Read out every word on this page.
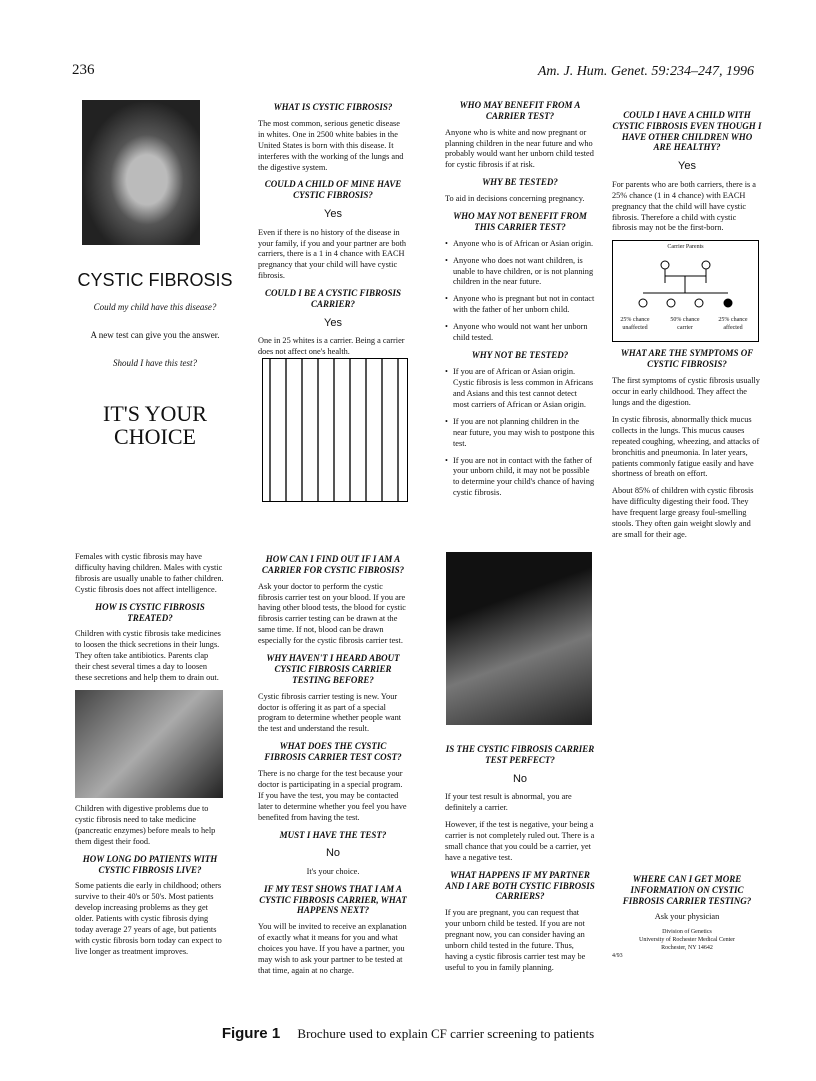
236	Am. J. Hum. Genet. 59:234–247, 1996
CYSTIC FIBROSIS
Could my child have this disease?
A new test can give you the answer.
Should I have this test?
IT'S YOUR
CHOICE
WHAT IS CYSTIC FIBROSIS?

The most common, serious genetic disease in whites. One in 2500 white babies in the United States is born with this disease. It interferes with the working of the lungs and the digestive system.

COULD A CHILD OF MINE HAVE CYSTIC FIBROSIS?
Yes

Even if there is no history of the disease in your family, if you and your partner are both carriers, there is a 1 in 4 chance with EACH pregnancy that your child will have cystic fibrosis.

COULD I BE A CYSTIC FIBROSIS CARRIER?
Yes

One in 25 whites is a carrier. Being a carrier does not affect one's health.

WHO MAY BENEFIT FROM A CARRIER TEST?

Anyone who is white and now pregnant or planning children in the near future and who probably would want her unborn child tested for cystic fibrosis if at risk.

WHY BE TESTED?

To aid in decisions concerning pregnancy.

WHO MAY NOT BENEFIT FROM THIS CARRIER TEST?

• Anyone who is of African or Asian origin.

• Anyone who does not want children, is unable to have children, or is not planning children in the near future.

• Anyone who is pregnant but not in contact with the father of her unborn child.

• Anyone who would not want her unborn child tested.

WHY NOT BE TESTED?

• If you are of African or Asian origin. Cystic fibrosis is less common in Africans and Asians and this test cannot detect most carriers of African or Asian origin.

• If you are not planning children in the near future, you may wish to postpone this test.

• If you are not in contact with the father of your unborn child, it may not be possible to determine your child's chance of having cystic fibrosis.

COULD I HAVE A CHILD WITH CYSTIC FIBROSIS EVEN THOUGH I HAVE OTHER CHILDREN WHO ARE HEALTHY?
Yes

For parents who are both carriers, there is a 25% chance (1 in 4 chance) with EACH pregnancy that the child will have cystic fibrosis. Therefore a child with cystic fibrosis may not be the first-born.

Carrier Parents
25% chance unaffected
50% chance carrier
25% chance affected
WHAT ARE THE SYMPTOMS OF CYSTIC FIBROSIS?

The first symptoms of cystic fibrosis usually occur in early childhood. They affect the lungs and the digestion.

In cystic fibrosis, abnormally thick mucus collects in the lungs. This mucus causes repeated coughing, wheezing, and attacks of bronchitis and pneumonia. In later years, patients commonly fatigue easily and have shortness of breath on effort.

About 85% of children with cystic fibrosis have difficulty digesting their food. They have frequent large greasy foul-smelling stools. They often gain weight slowly and are small for their age.

Females with cystic fibrosis may have difficulty having children. Males with cystic fibrosis are usually unable to father children. Cystic fibrosis does not affect intelligence.

HOW IS CYSTIC FIBROSIS TREATED?

Children with cystic fibrosis take medicines to loosen the thick secretions in their lungs. They often take antibiotics. Parents clap their chest several times a day to loosen these secretions and help them to drain out.

Children with digestive problems due to cystic fibrosis need to take medicine (pancreatic enzymes) before meals to help them digest their food.

HOW LONG DO PATIENTS WITH CYSTIC FIBROSIS LIVE?

Some patients die early in childhood; others survive to their 40's or 50's. Most patients develop increasing problems as they get older. Patients with cystic fibrosis dying today average 27 years of age, but patients with cystic fibrosis born today can expect to live longer as treatment improves.

HOW CAN I FIND OUT IF I AM A CARRIER FOR CYSTIC FIBROSIS?

Ask your doctor to perform the cystic fibrosis carrier test on your blood. If you are having other blood tests, the blood for cystic fibrosis carrier testing can be drawn at the same time. If not, blood can be drawn especially for the cystic fibrosis carrier test.

WHY HAVEN'T I HEARD ABOUT CYSTIC FIBROSIS CARRIER TESTING BEFORE?

Cystic fibrosis carrier testing is new. Your doctor is offering it as part of a special program to determine whether people want the test and understand the result.

WHAT DOES THE CYSTIC FIBROSIS CARRIER TEST COST?

There is no charge for the test because your doctor is participating in a special program. If you have the test, you may be contacted later to determine whether you feel you have benefited from having the test.

MUST I HAVE THE TEST?
No

It's your choice.

IF MY TEST SHOWS THAT I AM A CYSTIC FIBROSIS CARRIER, WHAT HAPPENS NEXT?

You will be invited to receive an explanation of exactly what it means for you and what choices you have. If you have a partner, you may wish to ask your partner to be tested at that time, again at no charge.

IS THE CYSTIC FIBROSIS CARRIER TEST PERFECT?
No

If your test result is abnormal, you are definitely a carrier.

However, if the test is negative, your being a carrier is not completely ruled out. There is a small chance that you could be a carrier, yet have a negative test.

WHAT HAPPENS IF MY PARTNER AND I ARE BOTH CYSTIC FIBROSIS CARRIERS?

If you are pregnant, you can request that your unborn child be tested. If you are not pregnant now, you can consider having an unborn child tested in the future. Thus, having a cystic fibrosis carrier test may be useful to you in family planning.

WHERE CAN I GET MORE INFORMATION ON CYSTIC FIBROSIS CARRIER TESTING?

Ask your physician

Division of Genetics
University of Rochester Medical Center
Rochester, NY 14642
4/93
Figure 1 Brochure used to explain CF carrier screening to patients
